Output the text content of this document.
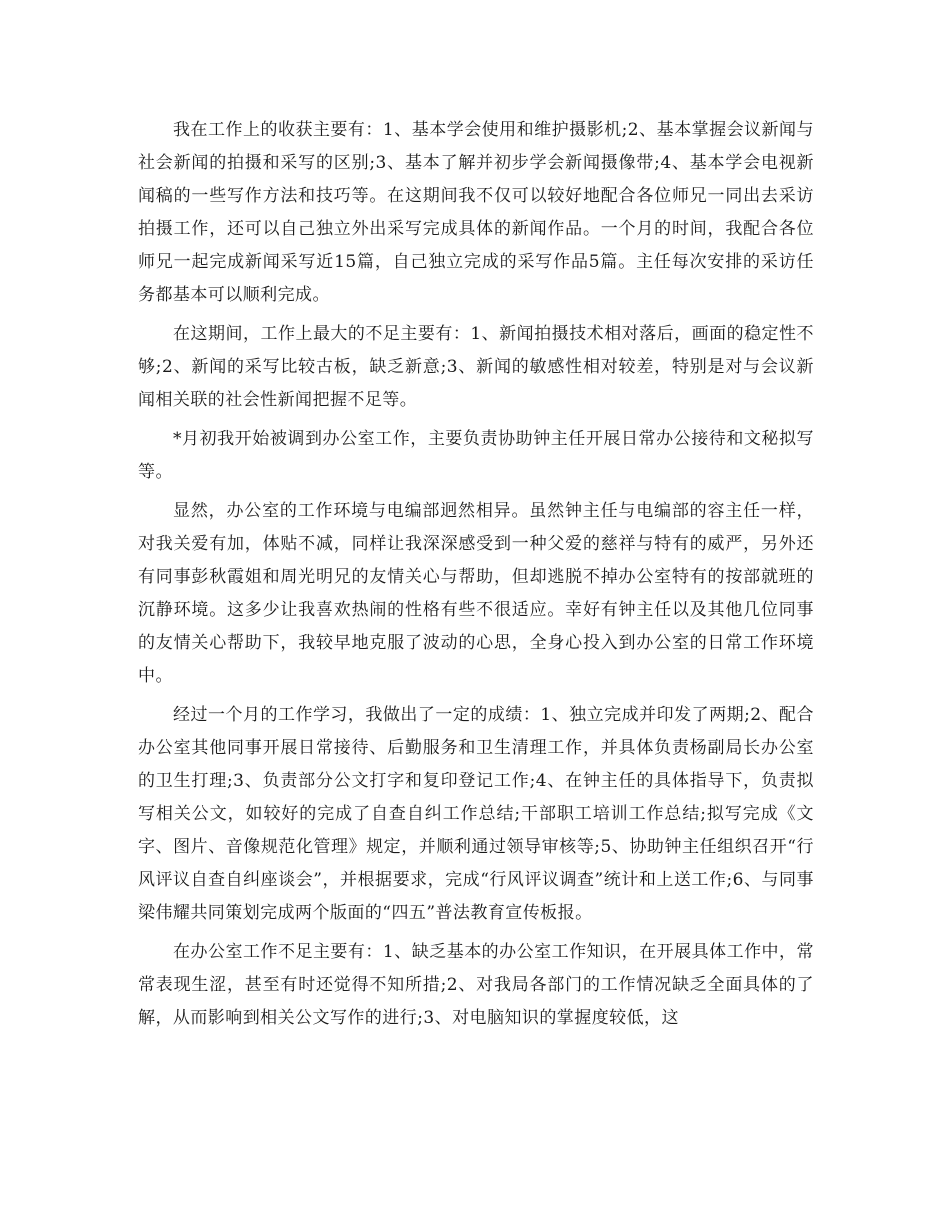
我在工作上的收获主要有：1、基本学会使用和维护摄影机;2、基本掌握会议新闻与社会新闻的拍摄和采写的区别;3、基本了解并初步学会新闻摄像带;4、基本学会电视新闻稿的一些写作方法和技巧等。在这期间我不仅可以较好地配合各位师兄一同出去采访拍摄工作，还可以自己独立外出采写完成具体的新闻作品。一个月的时间，我配合各位师兄一起完成新闻采写近15篇，自己独立完成的采写作品5篇。主任每次安排的采访任务都基本可以顺利完成。

在这期间，工作上最大的不足主要有：1、新闻拍摄技术相对落后，画面的稳定性不够;2、新闻的采写比较古板，缺乏新意;3、新闻的敏感性相对较差，特别是对与会议新闻相关联的社会性新闻把握不足等。

*月初我开始被调到办公室工作，主要负责协助钟主任开展日常办公接待和文秘拟写等。

显然，办公室的工作环境与电编部迥然相异。虽然钟主任与电编部的容主任一样，对我关爱有加，体贴不减，同样让我深深感受到一种父爱的慈祥与特有的威严，另外还有同事彭秋霞姐和周光明兄的友情关心与帮助，但却逃脱不掉办公室特有的按部就班的沉静环境。这多少让我喜欢热闹的性格有些不很适应。幸好有钟主任以及其他几位同事的友情关心帮助下，我较早地克服了波动的心思，全身心投入到办公室的日常工作环境中。

经过一个月的工作学习，我做出了一定的成绩：1、独立完成并印发了两期;2、配合办公室其他同事开展日常接待、后勤服务和卫生清理工作，并具体负责杨副局长办公室的卫生打理;3、负责部分公文打字和复印登记工作;4、在钟主任的具体指导下，负责拟写相关公文，如较好的完成了自查自纠工作总结;干部职工培训工作总结;拟写完成《文字、图片、音像规范化管理》规定，并顺利通过领导审核等;5、协助钟主任组织召开“行风评议自查自纠座谈会”，并根据要求，完成“行风评议调查”统计和上送工作;6、与同事梁伟耀共同策划完成两个版面的“四五”普法教育宣传板报。

在办公室工作不足主要有：1、缺乏基本的办公室工作知识，在开展具体工作中，常常表现生涩，甚至有时还觉得不知所措;2、对我局各部门的工作情况缺乏全面具体的了解，从而影响到相关公文写作的进行;3、对电脑知识的掌握度较低，这
